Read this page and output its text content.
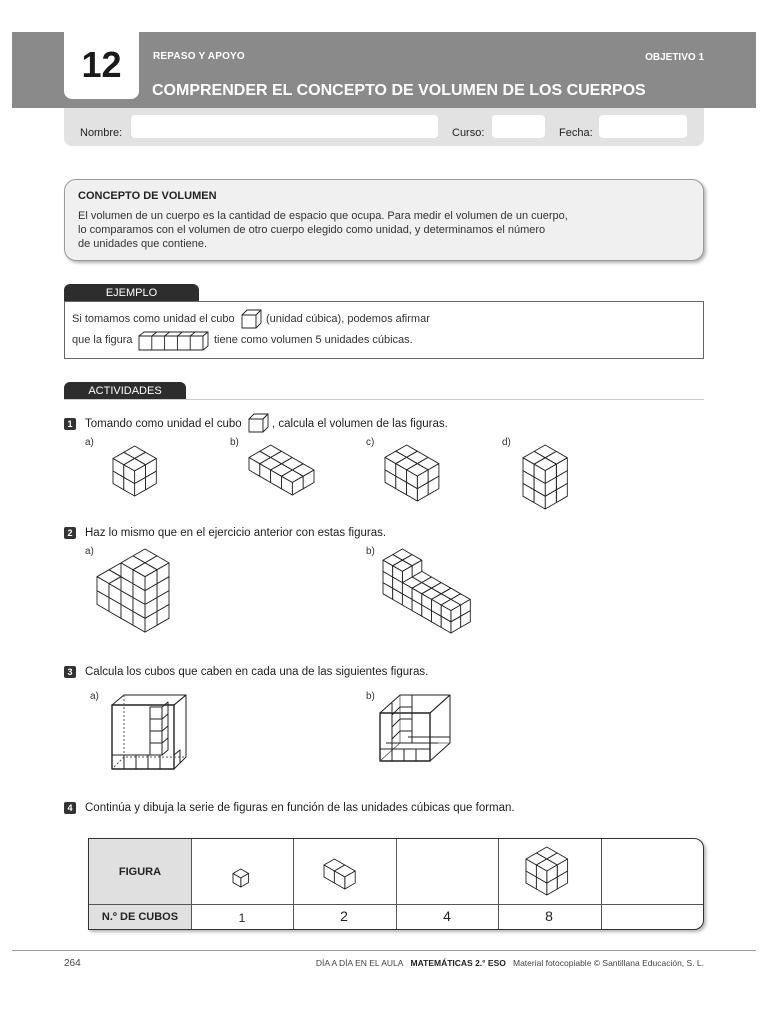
12	REPASO Y APOYO	OBJETIVO 1
COMPRENDER EL CONCEPTO DE VOLUMEN DE LOS CUERPOS
Nombre:	Curso:	Fecha:
CONCEPTO DE VOLUMEN
El volumen de un cuerpo es la cantidad de espacio que ocupa. Para medir el volumen de un cuerpo,
lo comparamos con el volumen de otro cuerpo elegido como unidad, y determinamos el número
de unidades que contiene.
EJEMPLO
Si tomamos como unidad el cubo	(unidad cúbica), podemos afirmar
que la figura	tiene como volumen 5 unidades cúbicas.
ACTIVIDADES
1	Tomando como unidad el cubo	, calcula el volumen de las figuras.
a)	b)	c)	d)
2	Haz lo mismo que en el ejercicio anterior con estas figuras.
a)	b)
3	Calcula los cubos que caben en cada una de las siguientes figuras.
a)	b)
4	Continúa y dibuja la serie de figuras en función de las unidades cúbicas que forman.
FIGURA
N.º DE CUBOS	1	2	4	8
264	DÍA A DÍA EN EL AULA MATEMÁTICAS 2.° ESO Material fotocopiable © Santillana Educación, S. L.
